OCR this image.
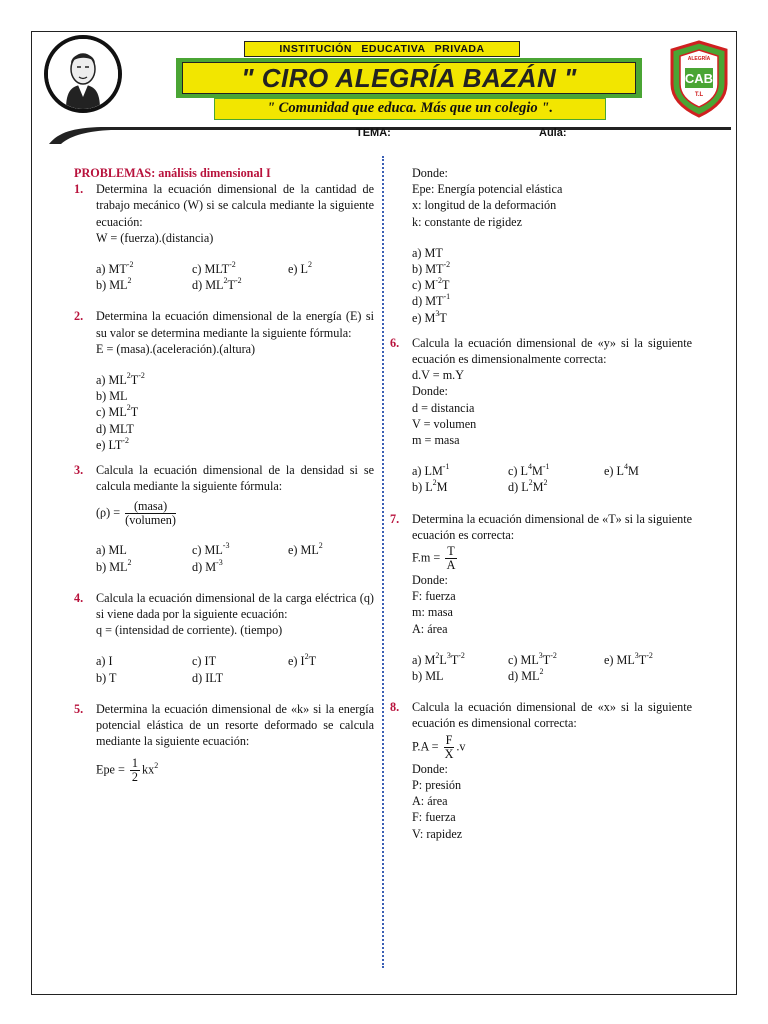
INSTITUCIÓN EDUCATIVA PRIVADA
" CIRO ALEGRÍA BAZÁN "
" Comunidad que educa. Más que un colegio ".
CAB
T.L
ALEGRÍA
TEMA:	Aula:
PROBLEMAS: análisis dimensional I
1. Determina la ecuación dimensional de la cantidad de trabajo mecánico (W) si se calcula mediante la siguiente ecuación:
W = (fuerza).(distancia)
a) $MT^{-2}$	c) $MLT^{-2}$	e) $L^2$
b) $ML^2$	d) $ML^2T^{-2}$
2. Determina la ecuación dimensional de la energía (E) si su valor se determina mediante la siguiente fórmula:
E = (masa).(aceleración).(altura)
a) $ML^2T^{-2}$
b) ML
c) $ML^2T$
d) MLT
e) $LT^{-2}$
3. Calcula la ecuación dimensional de la densidad si se calcula mediante la siguiente fórmula:
$(\rho) = \frac{\text{(masa)}}{\text{(volumen)}}$
a) ML	c) $ML^{-3}$	e) $ML^2$
b) $ML^2$	d) $M^{-3}$
4. Calcula la ecuación dimensional de la carga eléctrica (q) si viene dada por la siguiente ecuación:
q = (intensidad de corriente). (tiempo)
a) I	c) IT	e) $I^2T$
b) T	d) ILT
5. Determina la ecuación dimensional de «k» si la energía potencial elástica de un resorte deformado se calcula mediante la siguiente ecuación:
Epe = $\frac{1}{2} kx^2$
Donde:
Epe: Energía potencial elástica
x: longitud de la deformación
k: constante de rigidez
a) MT
b) $MT^{-2}$
c) $M^{-2}T$
d) $MT^{-1}$
e) $M^3T$
6. Calcula la ecuación dimensional de «y» si la siguiente ecuación es dimensionalmente correcta:
d.V = m.Y
Donde:
d = distancia
V = volumen
m = masa
a) $LM^{-1}$	c) $L^4M^{-1}$	e) $L^4M$
b) $L^2M$	d) $L^2M^2$
7. Determina la ecuación dimensional de «T» si la siguiente ecuación es correcta:
$F.m = \frac{T}{A}$
Donde:
F: fuerza
m: masa
A: área
a) $M^2L^3T^{-2}$	c) $ML^3T^{-2}$	e) $ML^3T^{-2}$
b) ML	d) $ML^2$
8. Calcula la ecuación dimensional de «x» si la siguiente ecuación es dimensional correcta:
$P.A = \frac{F}{X} .v$
Donde:
P: presión
A: área
F: fuerza
V: rapidez
